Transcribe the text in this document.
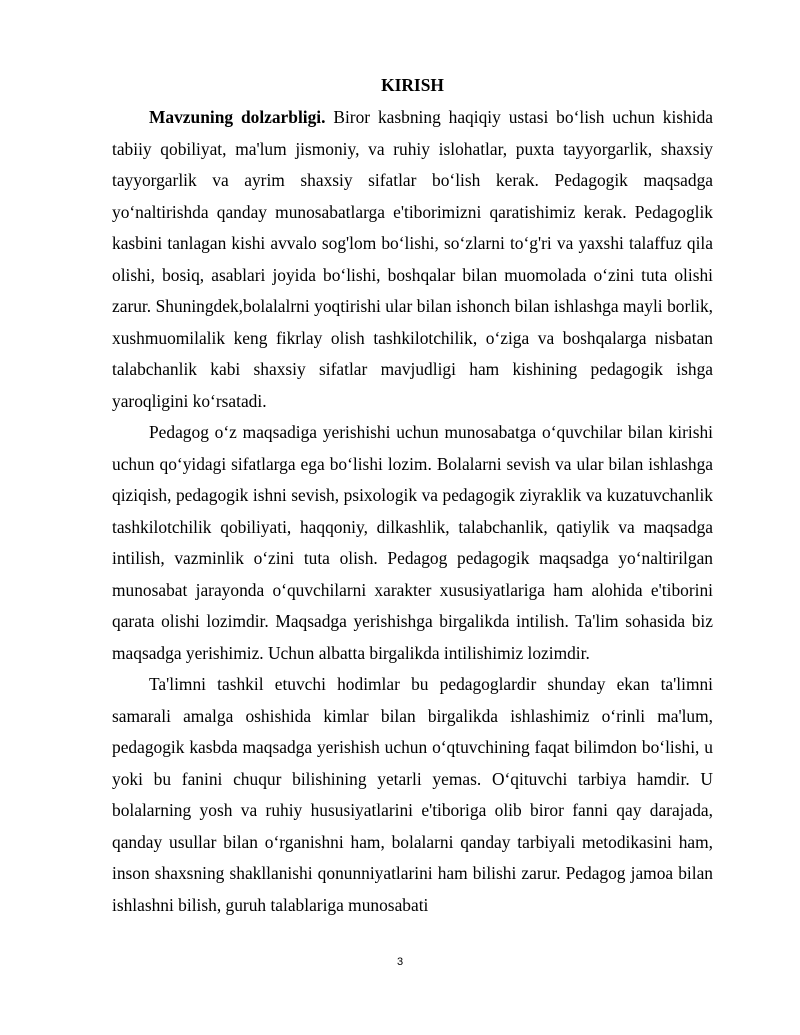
KIRISH

Mavzuning dolzarbligi. Biror kasbning haqiqiy ustasi bo‘lish uchun kishida tabiiy qobiliyat, ma'lum jismoniy, va ruhiy islohatlar, puxta tayyorgarlik, shaxsiy tayyorgarlik va ayrim shaxsiy sifatlar bo‘lish kerak. Pedagogik maqsadga yo‘naltirishda qanday munosabatlarga e'tiborimizni qaratishimiz kerak. Pedagoglik kasbini tanlagan kishi avvalo sog'lom bo‘lishi, so‘zlarni to‘g'ri va yaxshi talaffuz qila olishi, bosiq, asablari joyida bo‘lishi, boshqalar bilan muomolada o‘zini tuta olishi zarur. Shuningdek,bolalalrni yoqtirishi ular bilan ishonch bilan ishlashga mayli borlik, xushmuomilalik keng fikrlay olish tashkilotchilik, o‘ziga va boshqalarga nisbatan talabchanlik kabi shaxsiy sifatlar mavjudligi ham kishining pedagogik ishga yaroqligini ko‘rsatadi.

Pedagog o‘z maqsadiga yerishishi uchun munosabatga o‘quvchilar bilan kirishi uchun qo‘yidagi sifatlarga ega bo‘lishi lozim. Bolalarni sevish va ular bilan ishlashga qiziqish, pedagogik ishni sevish, psixologik va pedagogik ziyraklik va kuzatuvchanlik tashkilotchilik qobiliyati, haqqoniy, dilkashlik, talabchanlik, qatiylik va maqsadga intilish, vazminlik o‘zini tuta olish. Pedagog pedagogik maqsadga yo‘naltirilgan munosabat jarayonda o‘quvchilarni xarakter xususiyatlariga ham alohida e'tiborini qarata olishi lozimdir. Maqsadga yerishishga birgalikda intilish. Ta'lim sohasida biz maqsadga yerishimiz. Uchun albatta birgalikda intilishimiz lozimdir.

Ta'limni tashkil etuvchi hodimlar bu pedagoglardir shunday ekan ta'limni samarali amalga oshishida kimlar bilan birgalikda ishlashimiz o‘rinli ma'lum, pedagogik kasbda maqsadga yerishish uchun o‘qtuvchining faqat bilimdon bo‘lishi, u yoki bu fanini chuqur bilishining yetarli yemas. O‘qituvchi tarbiya hamdir. U bolalarning yosh va ruhiy hususiyatlarini e'tiboriga olib biror fanni qay darajada, qanday usullar bilan o‘rganishni ham, bolalarni qanday tarbiyali metodikasini ham, inson shaxsning shakllanishi qonunniyatlarini ham bilishi zarur. Pedagog jamoa bilan ishlashni bilish, guruh talablariga munosabati

3
